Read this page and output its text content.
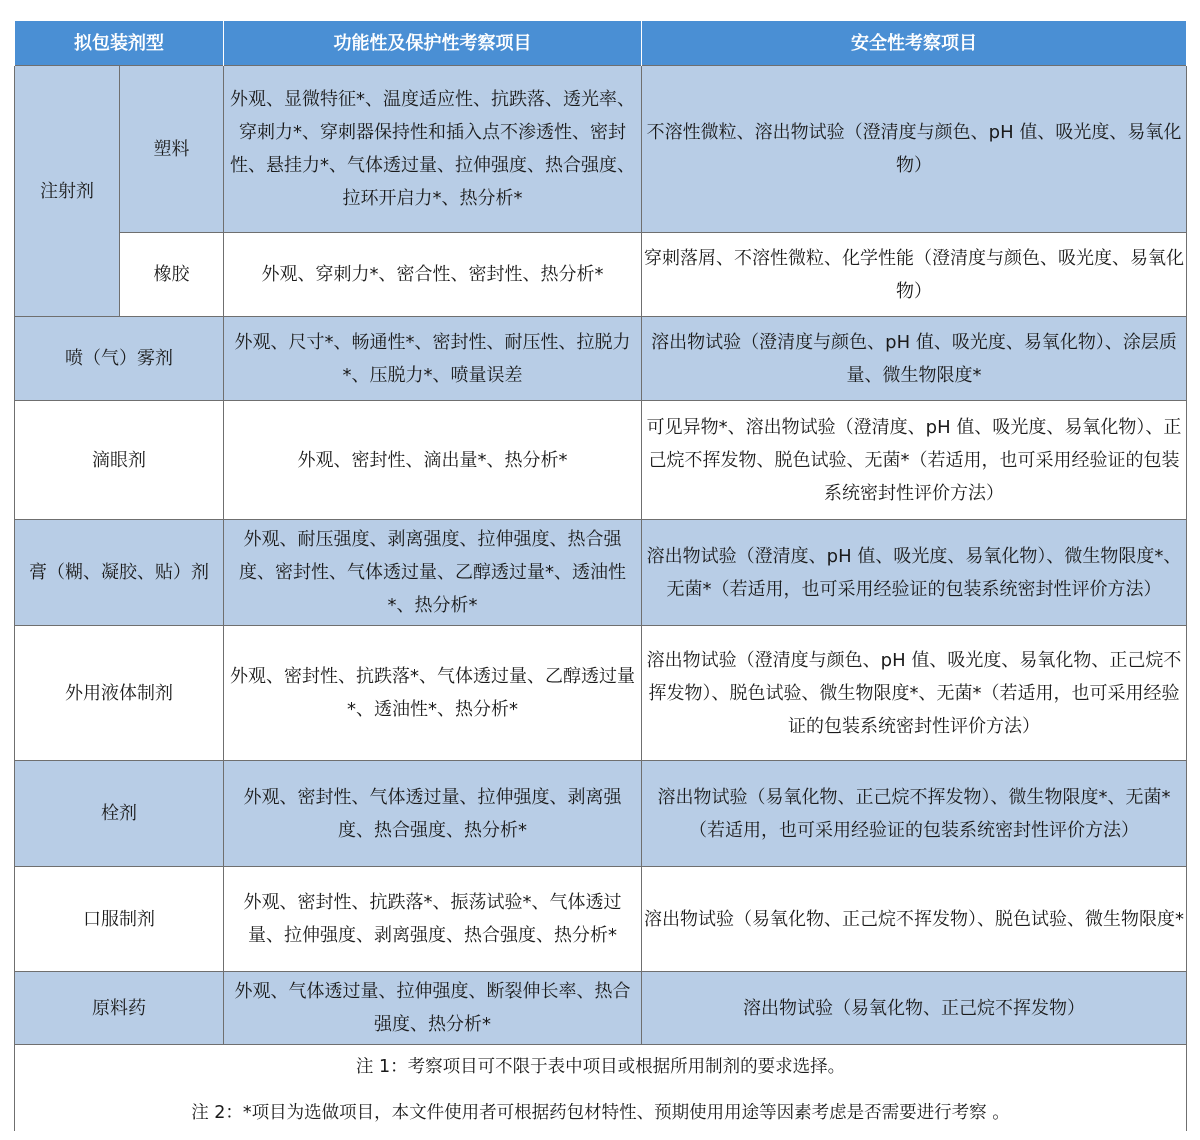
拟包装剂型		功能性及保护性考察项目	安全性考察项目
注射剂	塑料	外观、显微特征*、温度适应性、抗跌落、透光率、穿刺力*、穿刺器保持性和插入点不渗透性、密封性、悬挂力*、气体透过量、拉伸强度、热合强度、拉环开启力*、热分析*	不溶性微粒、溶出物试验（澄清度与颜色、pH 值、吸光度、易氧化物）
	橡胶	外观、穿刺力*、密合性、密封性、热分析*	穿刺落屑、不溶性微粒、化学性能（澄清度与颜色、吸光度、易氧化物）
喷（气）雾剂		外观、尺寸*、畅通性*、密封性、耐压性、拉脱力*、压脱力*、喷量误差	溶出物试验（澄清度与颜色、pH 值、吸光度、易氧化物）、涂层质量、微生物限度*
滴眼剂		外观、密封性、滴出量*、热分析*	可见异物*、溶出物试验（澄清度、pH 值、吸光度、易氧化物）、正己烷不挥发物、脱色试验、无菌*（若适用，也可采用经验证的包装系统密封性评价方法）
膏（糊、凝胶、贴）剂		外观、耐压强度、剥离强度、拉伸强度、热合强度、密封性、气体透过量、乙醇透过量*、透油性*、热分析*	溶出物试验（澄清度、pH 值、吸光度、易氧化物）、微生物限度*、无菌*（若适用，也可采用经验证的包装系统密封性评价方法）
外用液体制剂		外观、密封性、抗跌落*、气体透过量、乙醇透过量*、透油性*、热分析*	溶出物试验（澄清度与颜色、pH 值、吸光度、易氧化物、正己烷不挥发物）、脱色试验、微生物限度*、无菌*（若适用，也可采用经验证的包装系统密封性评价方法）
栓剂		外观、密封性、气体透过量、拉伸强度、剥离强度、热合强度、热分析*	溶出物试验（易氧化物、正己烷不挥发物）、微生物限度*、无菌*（若适用，也可采用经验证的包装系统密封性评价方法）
口服制剂		外观、密封性、抗跌落*、振荡试验*、气体透过量、拉伸强度、剥离强度、热合强度、热分析*	溶出物试验（易氧化物、正己烷不挥发物）、脱色试验、微生物限度*
原料药		外观、气体透过量、拉伸强度、断裂伸长率、热合强度、热分析*	溶出物试验（易氧化物、正己烷不挥发物）

注 1：考察项目可不限于表中项目或根据所用制剂的要求选择。
注 2：*项目为选做项目，本文件使用者可根据药包材特性、预期使用用途等因素考虑是否需要进行考察 。			
